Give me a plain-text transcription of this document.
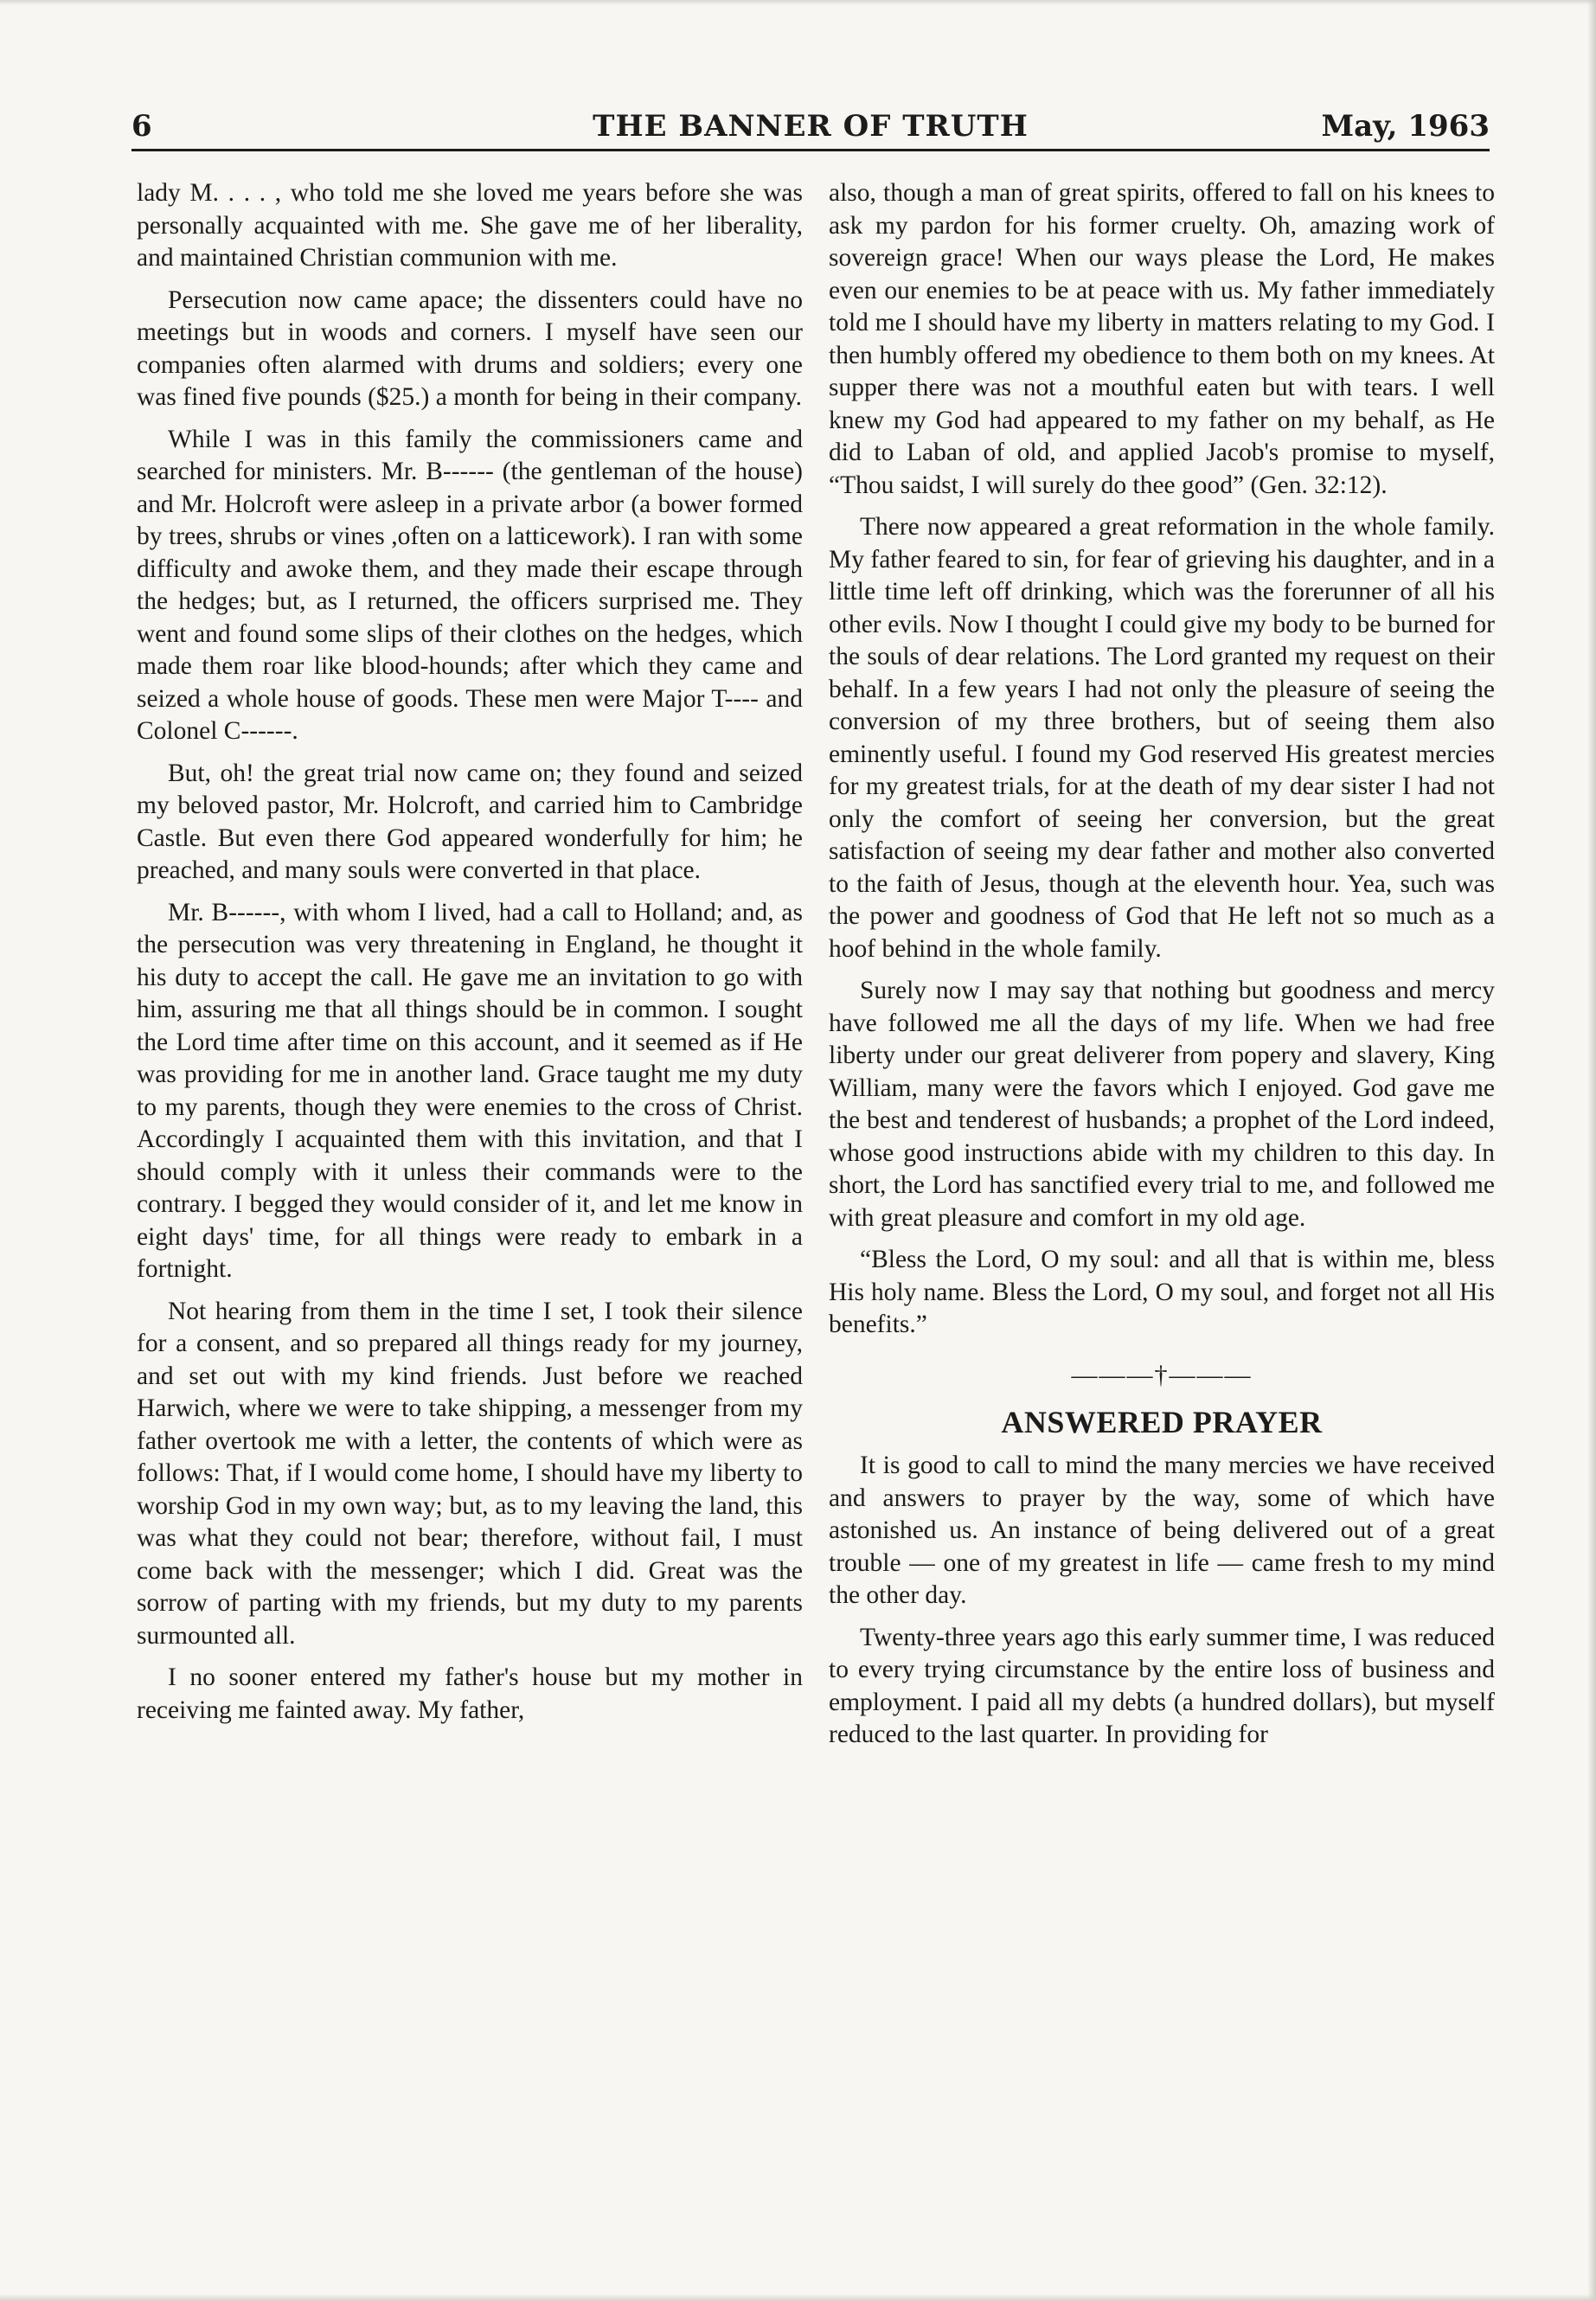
6	THE BANNER OF TRUTH	May, 1963

lady M. . . . , who told me she loved me years before she was personally acquainted with me. She gave me of her liberality, and maintained Christian communion with me.

Persecution now came apace; the dissenters could have no meetings but in woods and corners. I myself have seen our companies often alarmed with drums and soldiers; every one was fined five pounds ($25.) a month for being in their company.

While I was in this family the commissioners came and searched for ministers. Mr. B------ (the gentleman of the house) and Mr. Holcroft were asleep in a private arbor (a bower formed by trees, shrubs or vines ,often on a latticework). I ran with some difficulty and awoke them, and they made their escape through the hedges; but, as I returned, the officers surprised me. They went and found some slips of their clothes on the hedges, which made them roar like blood-hounds; after which they came and seized a whole house of goods. These men were Major T---- and Colonel C------.

But, oh! the great trial now came on; they found and seized my beloved pastor, Mr. Holcroft, and carried him to Cambridge Castle. But even there God appeared wonderfully for him; he preached, and many souls were converted in that place.

Mr. B------, with whom I lived, had a call to Holland; and, as the persecution was very threatening in England, he thought it his duty to accept the call. He gave me an invitation to go with him, assuring me that all things should be in common. I sought the Lord time after time on this account, and it seemed as if He was providing for me in another land. Grace taught me my duty to my parents, though they were enemies to the cross of Christ. Accordingly I acquainted them with this invitation, and that I should comply with it unless their commands were to the contrary. I begged they would consider of it, and let me know in eight days' time, for all things were ready to embark in a fortnight.

Not hearing from them in the time I set, I took their silence for a consent, and so prepared all things ready for my journey, and set out with my kind friends. Just before we reached Harwich, where we were to take shipping, a messenger from my father overtook me with a letter, the contents of which were as follows: That, if I would come home, I should have my liberty to worship God in my own way; but, as to my leaving the land, this was what they could not bear; therefore, without fail, I must come back with the messenger; which I did. Great was the sorrow of parting with my friends, but my duty to my parents surmounted all.

I no sooner entered my father's house but my mother in receiving me fainted away. My father,

also, though a man of great spirits, offered to fall on his knees to ask my pardon for his former cruelty. Oh, amazing work of sovereign grace! When our ways please the Lord, He makes even our enemies to be at peace with us. My father immediately told me I should have my liberty in matters relating to my God. I then humbly offered my obedience to them both on my knees. At supper there was not a mouthful eaten but with tears. I well knew my God had appeared to my father on my behalf, as He did to Laban of old, and applied Jacob's promise to myself, “Thou saidst, I will surely do thee good” (Gen. 32:12).

There now appeared a great reformation in the whole family. My father feared to sin, for fear of grieving his daughter, and in a little time left off drinking, which was the forerunner of all his other evils. Now I thought I could give my body to be burned for the souls of dear relations. The Lord granted my request on their behalf. In a few years I had not only the pleasure of seeing the conversion of my three brothers, but of seeing them also eminently useful. I found my God reserved His greatest mercies for my greatest trials, for at the death of my dear sister I had not only the comfort of seeing her conversion, but the great satisfaction of seeing my dear father and mother also converted to the faith of Jesus, though at the eleventh hour. Yea, such was the power and goodness of God that He left not so much as a hoof behind in the whole family.

Surely now I may say that nothing but goodness and mercy have followed me all the days of my life. When we had free liberty under our great deliverer from popery and slavery, King William, many were the favors which I enjoyed. God gave me the best and tenderest of husbands; a prophet of the Lord indeed, whose good instructions abide with my children to this day. In short, the Lord has sanctified every trial to me, and followed me with great pleasure and comfort in my old age.

“Bless the Lord, O my soul: and all that is within me, bless His holy name. Bless the Lord, O my soul, and forget not all His benefits.”

———†———
ANSWERED PRAYER

It is good to call to mind the many mercies we have received and answers to prayer by the way, some of which have astonished us. An instance of being delivered out of a great trouble — one of my greatest in life — came fresh to my mind the other day.

Twenty-three years ago this early summer time, I was reduced to every trying circumstance by the entire loss of business and employment. I paid all my debts (a hundred dollars), but myself reduced to the last quarter. In providing for
